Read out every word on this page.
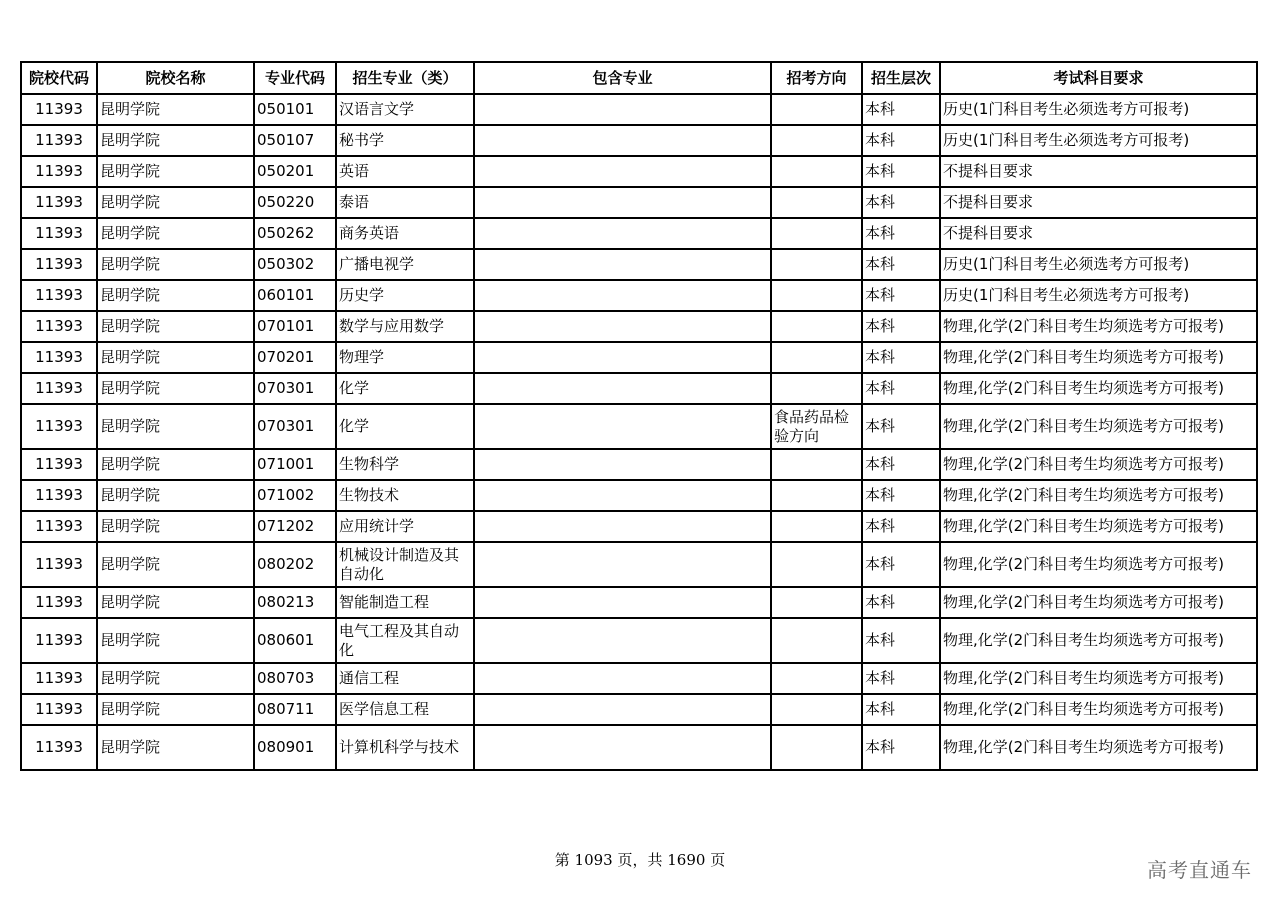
院校代码	院校名称	专业代码	招生专业（类）	包含专业	招考方向	招生层次	考试科目要求
11393	昆明学院	050101	汉语言文学			本科	历史(1门科目考生必须选考方可报考)
11393	昆明学院	050107	秘书学			本科	历史(1门科目考生必须选考方可报考)
11393	昆明学院	050201	英语			本科	不提科目要求
11393	昆明学院	050220	泰语			本科	不提科目要求
11393	昆明学院	050262	商务英语			本科	不提科目要求
11393	昆明学院	050302	广播电视学			本科	历史(1门科目考生必须选考方可报考)
11393	昆明学院	060101	历史学			本科	历史(1门科目考生必须选考方可报考)
11393	昆明学院	070101	数学与应用数学			本科	物理,化学(2门科目考生均须选考方可报考)
11393	昆明学院	070201	物理学			本科	物理,化学(2门科目考生均须选考方可报考)
11393	昆明学院	070301	化学			本科	物理,化学(2门科目考生均须选考方可报考)
11393	昆明学院	070301	化学		食品药品检验方向	本科	物理,化学(2门科目考生均须选考方可报考)
11393	昆明学院	071001	生物科学			本科	物理,化学(2门科目考生均须选考方可报考)
11393	昆明学院	071002	生物技术			本科	物理,化学(2门科目考生均须选考方可报考)
11393	昆明学院	071202	应用统计学			本科	物理,化学(2门科目考生均须选考方可报考)
11393	昆明学院	080202	机械设计制造及其自动化			本科	物理,化学(2门科目考生均须选考方可报考)
11393	昆明学院	080213	智能制造工程			本科	物理,化学(2门科目考生均须选考方可报考)
11393	昆明学院	080601	电气工程及其自动化			本科	物理,化学(2门科目考生均须选考方可报考)
11393	昆明学院	080703	通信工程			本科	物理,化学(2门科目考生均须选考方可报考)
11393	昆明学院	080711	医学信息工程			本科	物理,化学(2门科目考生均须选考方可报考)
11393	昆明学院	080901	计算机科学与技术			本科	物理,化学(2门科目考生均须选考方可报考)
第 1093 页，共 1690 页	高考直通车
